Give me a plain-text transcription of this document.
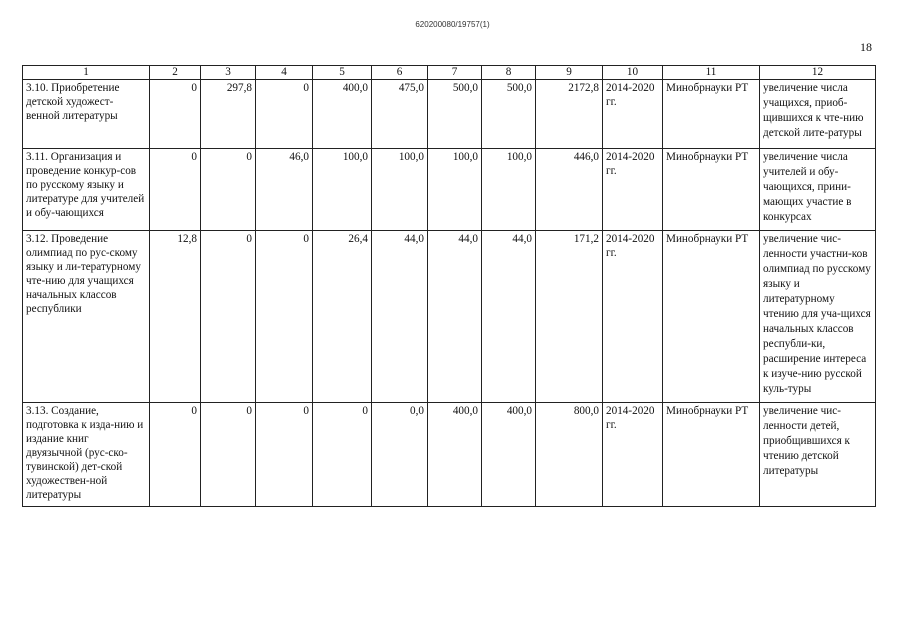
620200080/19757(1)
18
1	2	3	4	5	6	7	8	9	10	11	12
3.10. Приобретение детской художест-венной литературы	0	297,8	0	400,0	475,0	500,0	500,0	2172,8	2014-2020 гг.	Минобрнауки РТ	увеличение числа учащихся, приоб-щившихся к чте-нию детской лите-ратуры
3.11. Организация и проведение конкур-сов по русскому языку и литературе для учителей и обу-чающихся	0	0	46,0	100,0	100,0	100,0	100,0	446,0	2014-2020 гг.	Минобрнауки РТ	увеличение числа учителей и обу-чающихся, прини-мающих участие в конкурсах
3.12. Проведение олимпиад по рус-скому языку и ли-тературному чте-нию для учащихся начальных классов республики	12,8	0	0	26,4	44,0	44,0	44,0	171,2	2014-2020 гг.	Минобрнауки РТ	увеличение чис-ленности участни-ков олимпиад по русскому языку и литературному чтению для уча-щихся начальных классов республи-ки, расширение интереса к изуче-нию русской куль-туры
3.13. Создание, подготовка к изда-нию и издание книг двуязычной (рус-ско-тувинской) дет-ской художествен-ной литературы	0	0	0	0	0,0	400,0	400,0	800,0	2014-2020 гг.	Минобрнауки РТ	увеличение чис-ленности детей, приобщившихся к чтению детской литературы
